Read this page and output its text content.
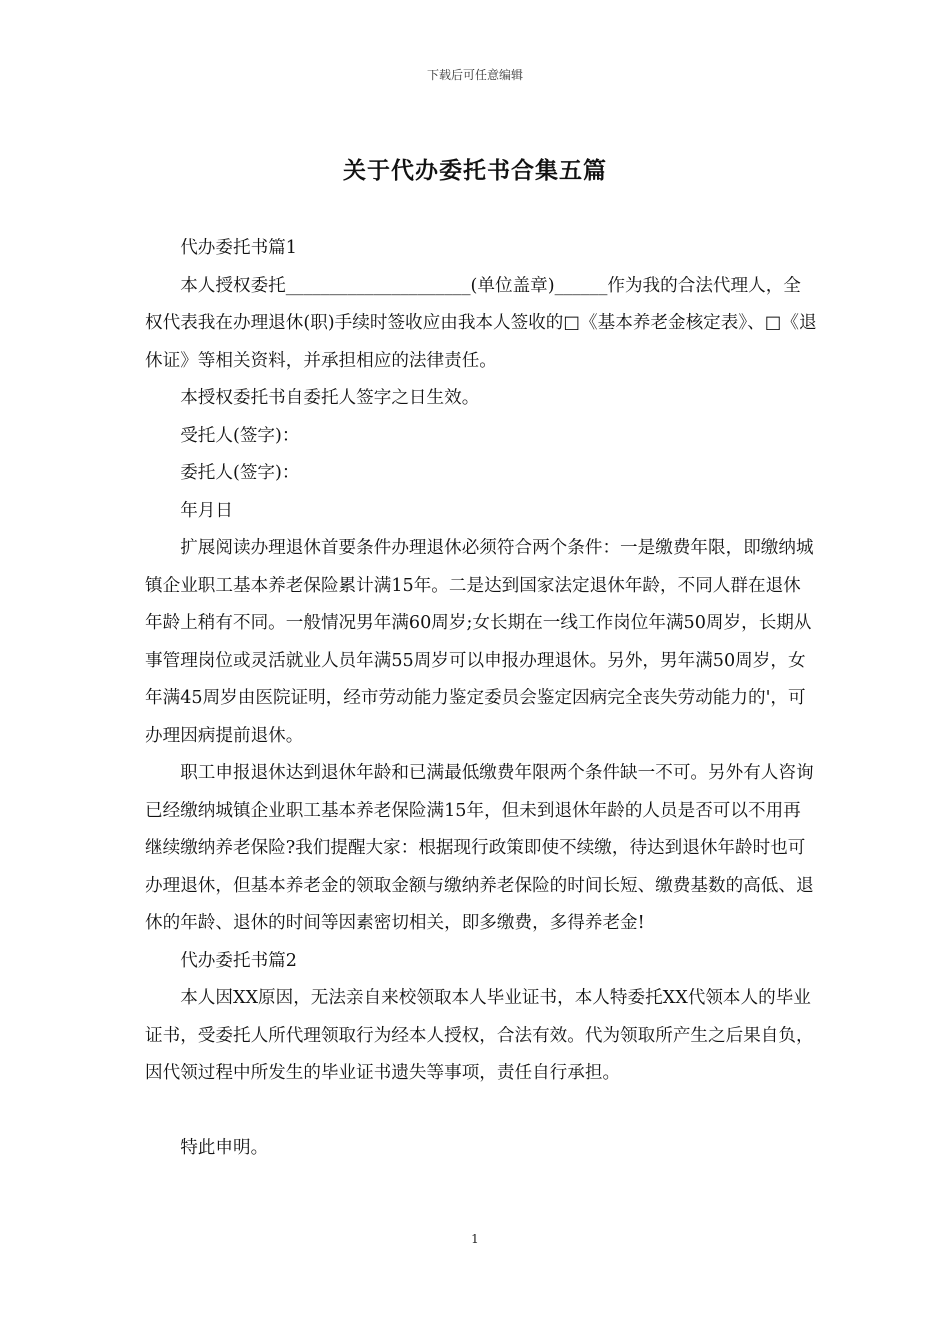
下载后可任意编辑
关于代办委托书合集五篇

代办委托书篇1

本人授权委托_____________________(单位盖章)______作为我的合法代理人，全权代表我在办理退休(职)手续时签收应由我本人签收的□《基本养老金核定表》、□《退休证》等相关资料，并承担相应的法律责任。

本授权委托书自委托人签字之日生效。

受托人(签字)：

委托人(签字)：

年月日

扩展阅读办理退休首要条件办理退休必须符合两个条件：一是缴费年限，即缴纳城镇企业职工基本养老保险累计满15年。二是达到国家法定退休年龄，不同人群在退休年龄上稍有不同。一般情况男年满60周岁;女长期在一线工作岗位年满50周岁，长期从事管理岗位或灵活就业人员年满55周岁可以申报办理退休。另外，男年满50周岁，女年满45周岁由医院证明，经市劳动能力鉴定委员会鉴定因病完全丧失劳动能力的'，可办理因病提前退休。

职工申报退休达到退休年龄和已满最低缴费年限两个条件缺一不可。另外有人咨询已经缴纳城镇企业职工基本养老保险满15年，但未到退休年龄的人员是否可以不用再继续缴纳养老保险?我们提醒大家：根据现行政策即使不续缴，待达到退休年龄时也可办理退休，但基本养老金的领取金额与缴纳养老保险的时间长短、缴费基数的高低、退休的年龄、退休的时间等因素密切相关，即多缴费，多得养老金!

代办委托书篇2

本人因XX原因，无法亲自来校领取本人毕业证书，本人特委托XX代领本人的毕业证书，受委托人所代理领取行为经本人授权，合法有效。代为领取所产生之后果自负，因代领过程中所发生的毕业证书遗失等事项，责任自行承担。

特此申明。

1
